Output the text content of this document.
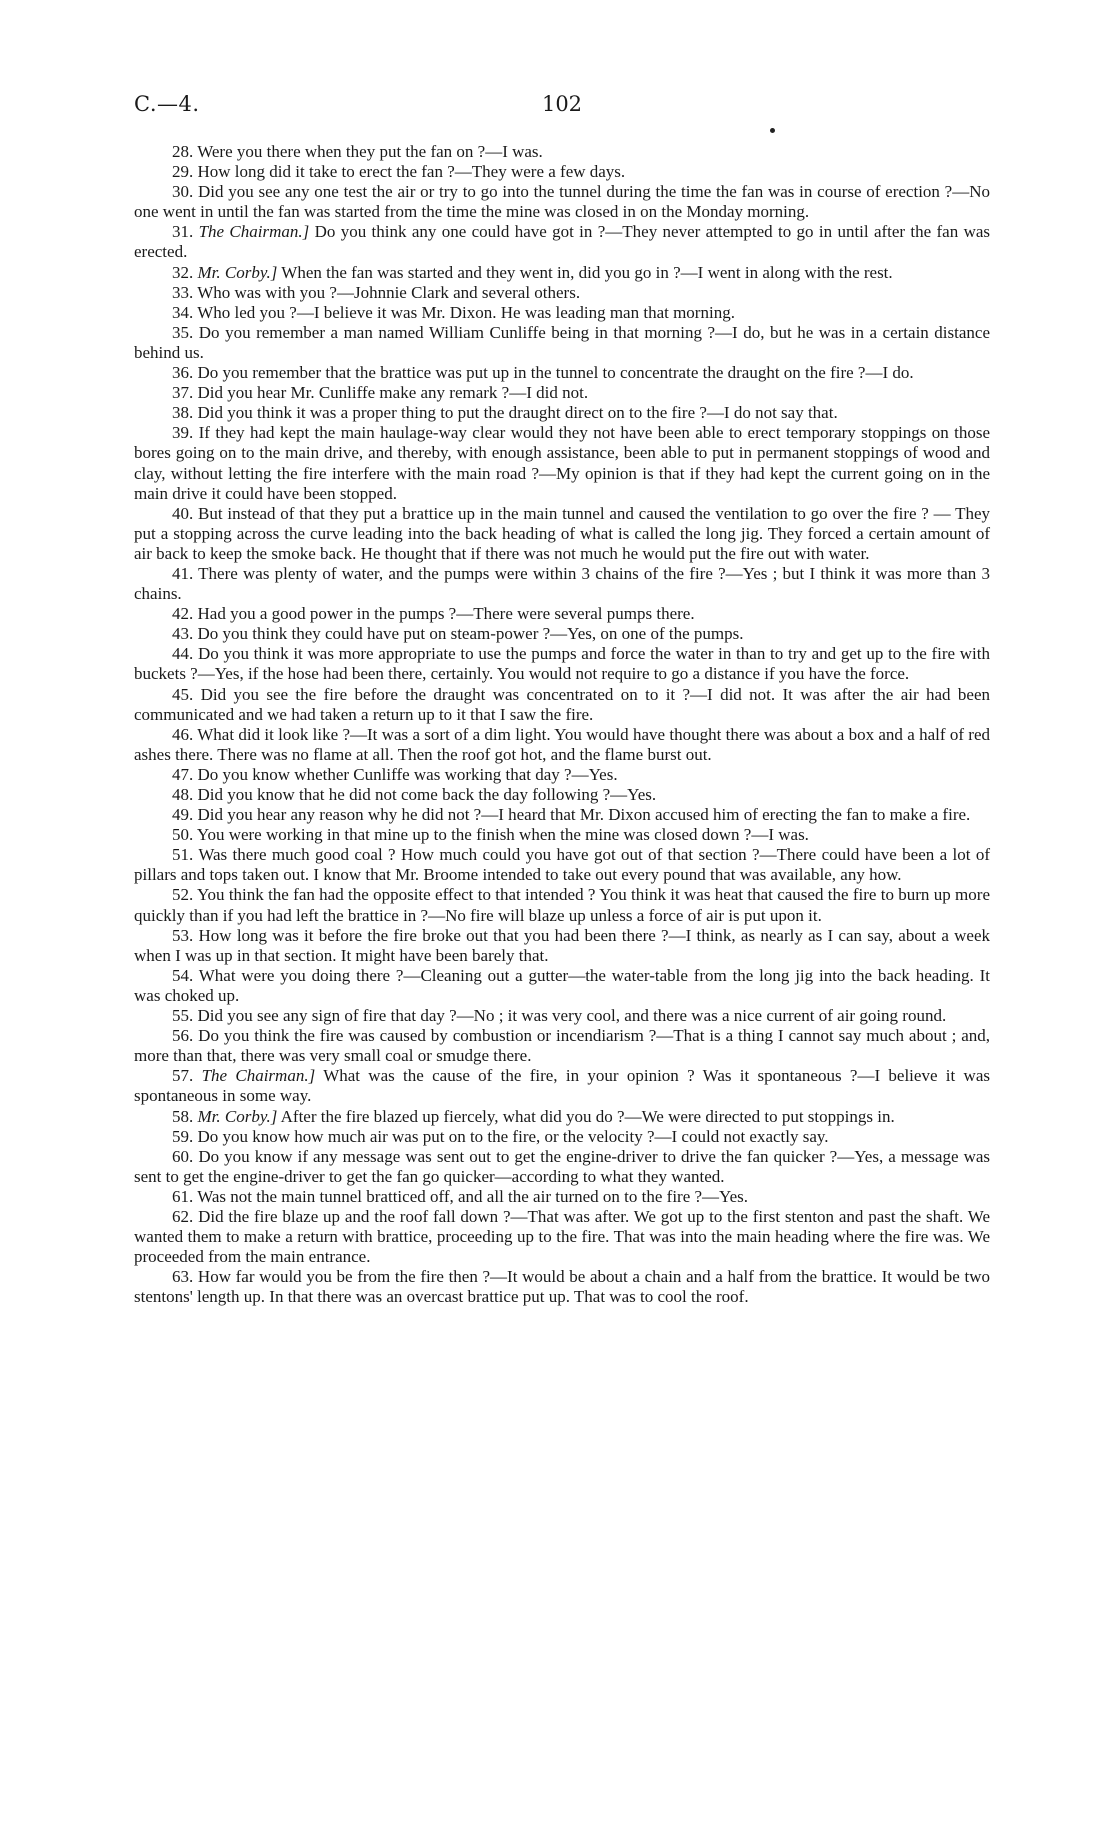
C.—4.	102

28. Were you there when they put the fan on ?—I was.

29. How long did it take to erect the fan ?—They were a few days.

30. Did you see any one test the air or try to go into the tunnel during the time the fan was in course of erection ?—No one went in until the fan was started from the time the mine was closed in on the Monday morning.

31. The Chairman.] Do you think any one could have got in ?—They never attempted to go in until after the fan was erected.

32. Mr. Corby.] When the fan was started and they went in, did you go in ?—I went in along with the rest.

33. Who was with you ?—Johnnie Clark and several others.

34. Who led you ?—I believe it was Mr. Dixon. He was leading man that morning.

35. Do you remember a man named William Cunliffe being in that morning ?—I do, but he was in a certain distance behind us.

36. Do you remember that the brattice was put up in the tunnel to concentrate the draught on the fire ?—I do.

37. Did you hear Mr. Cunliffe make any remark ?—I did not.

38. Did you think it was a proper thing to put the draught direct on to the fire ?—I do not say that.

39. If they had kept the main haulage-way clear would they not have been able to erect temporary stoppings on those bores going on to the main drive, and thereby, with enough assistance, been able to put in permanent stoppings of wood and clay, without letting the fire interfere with the main road ?—My opinion is that if they had kept the current going on in the main drive it could have been stopped.

40. But instead of that they put a brattice up in the main tunnel and caused the ventilation to go over the fire ? — They put a stopping across the curve leading into the back heading of what is called the long jig. They forced a certain amount of air back to keep the smoke back. He thought that if there was not much he would put the fire out with water.

41. There was plenty of water, and the pumps were within 3 chains of the fire ?—Yes ; but I think it was more than 3 chains.

42. Had you a good power in the pumps ?—There were several pumps there.

43. Do you think they could have put on steam-power ?—Yes, on one of the pumps.

44. Do you think it was more appropriate to use the pumps and force the water in than to try and get up to the fire with buckets ?—Yes, if the hose had been there, certainly. You would not require to go a distance if you have the force.

45. Did you see the fire before the draught was concentrated on to it ?—I did not. It was after the air had been communicated and we had taken a return up to it that I saw the fire.

46. What did it look like ?—It was a sort of a dim light. You would have thought there was about a box and a half of red ashes there. There was no flame at all. Then the roof got hot, and the flame burst out.

47. Do you know whether Cunliffe was working that day ?—Yes.

48. Did you know that he did not come back the day following ?—Yes.

49. Did you hear any reason why he did not ?—I heard that Mr. Dixon accused him of erecting the fan to make a fire.

50. You were working in that mine up to the finish when the mine was closed down ?—I was.

51. Was there much good coal ? How much could you have got out of that section ?—There could have been a lot of pillars and tops taken out. I know that Mr. Broome intended to take out every pound that was available, any how.

52. You think the fan had the opposite effect to that intended ? You think it was heat that caused the fire to burn up more quickly than if you had left the brattice in ?—No fire will blaze up unless a force of air is put upon it.

53. How long was it before the fire broke out that you had been there ?—I think, as nearly as I can say, about a week when I was up in that section. It might have been barely that.

54. What were you doing there ?—Cleaning out a gutter—the water-table from the long jig into the back heading. It was choked up.

55. Did you see any sign of fire that day ?—No ; it was very cool, and there was a nice current of air going round.

56. Do you think the fire was caused by combustion or incendiarism ?—That is a thing I cannot say much about ; and, more than that, there was very small coal or smudge there.

57. The Chairman.] What was the cause of the fire, in your opinion ? Was it spontaneous ?—I believe it was spontaneous in some way.

58. Mr. Corby.] After the fire blazed up fiercely, what did you do ?—We were directed to put stoppings in.

59. Do you know how much air was put on to the fire, or the velocity ?—I could not exactly say.

60. Do you know if any message was sent out to get the engine-driver to drive the fan quicker ?—Yes, a message was sent to get the engine-driver to get the fan go quicker—according to what they wanted.

61. Was not the main tunnel bratticed off, and all the air turned on to the fire ?—Yes.

62. Did the fire blaze up and the roof fall down ?—That was after. We got up to the first stenton and past the shaft. We wanted them to make a return with brattice, proceeding up to the fire. That was into the main heading where the fire was. We proceeded from the main entrance.

63. How far would you be from the fire then ?—It would be about a chain and a half from the brattice. It would be two stentons' length up. In that there was an overcast brattice put up. That was to cool the roof.
